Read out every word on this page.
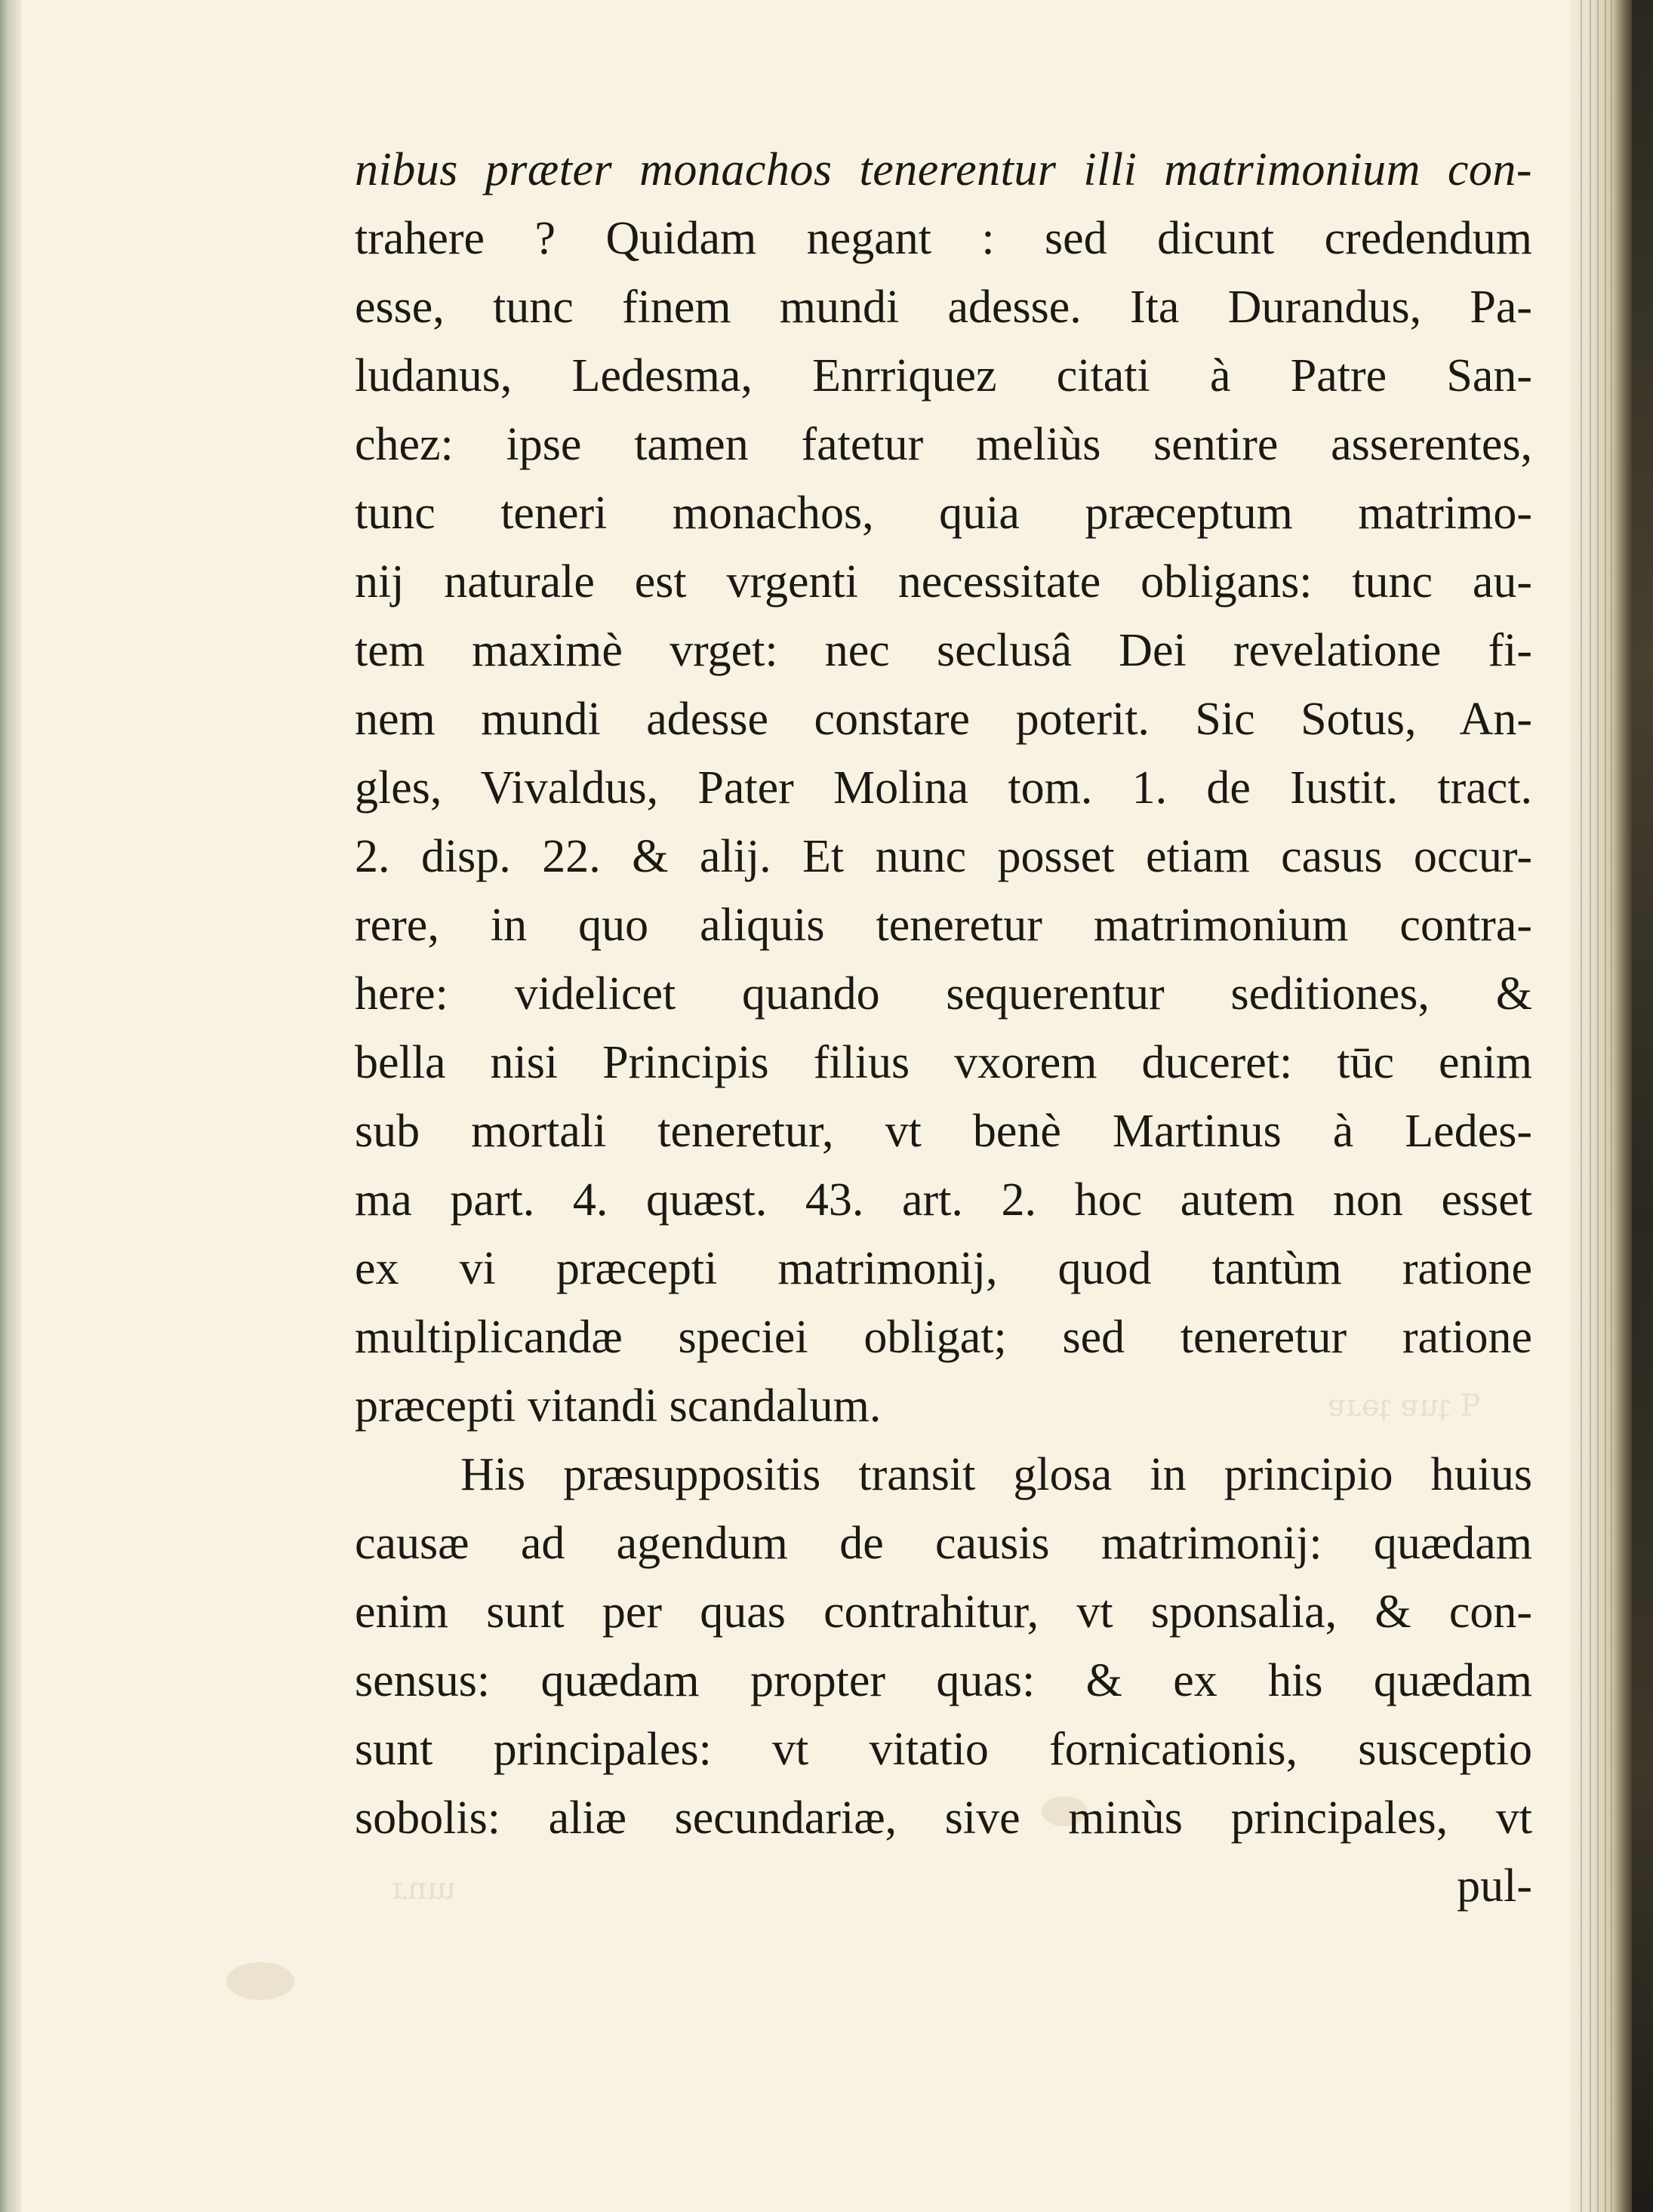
ꟼ ʇuɐ ʇǝɹɐ
ɯnɹ
nibus præter monachos tenerentur illi matrimonium con-
trahere ? Quidam negant : sed dicunt credendum
esse, tunc finem mundi adesse. Ita Durandus, Pa-
ludanus, Ledesma, Enrriquez citati à Patre San-
chez: ipse tamen fatetur meliùs sentire asserentes,
tunc teneri monachos, quia præceptum matrimo-
nij naturale est vrgenti necessitate obligans: tunc au-
tem maximè vrget: nec seclusâ Dei revelatione fi-
nem mundi adesse constare poterit. Sic Sotus, An-
gles, Vivaldus, Pater Molina tom. 1. de Iustit. tract.
2. disp. 22. & alij. Et nunc posset etiam casus occur-
rere, in quo aliquis teneretur matrimonium contra-
here: videlicet quando sequerentur seditiones, &
bella nisi Principis filius vxorem duceret: tūc enim
sub mortali teneretur, vt benè Martinus à Ledes-
ma part. 4. quæst. 43. art. 2. hoc autem non esset
ex vi præcepti matrimonij, quod tantùm ratione
multiplicandæ speciei obligat; sed teneretur ratione
præcepti vitandi scandalum.
His præsuppositis transit glosa in principio huius
causæ ad agendum de causis matrimonij: quædam
enim sunt per quas contrahitur, vt sponsalia, & con-
sensus: quædam propter quas: & ex his quædam
sunt principales: vt vitatio fornicationis, susceptio
sobolis: aliæ secundariæ, sive minùs principales, vt
pul-
